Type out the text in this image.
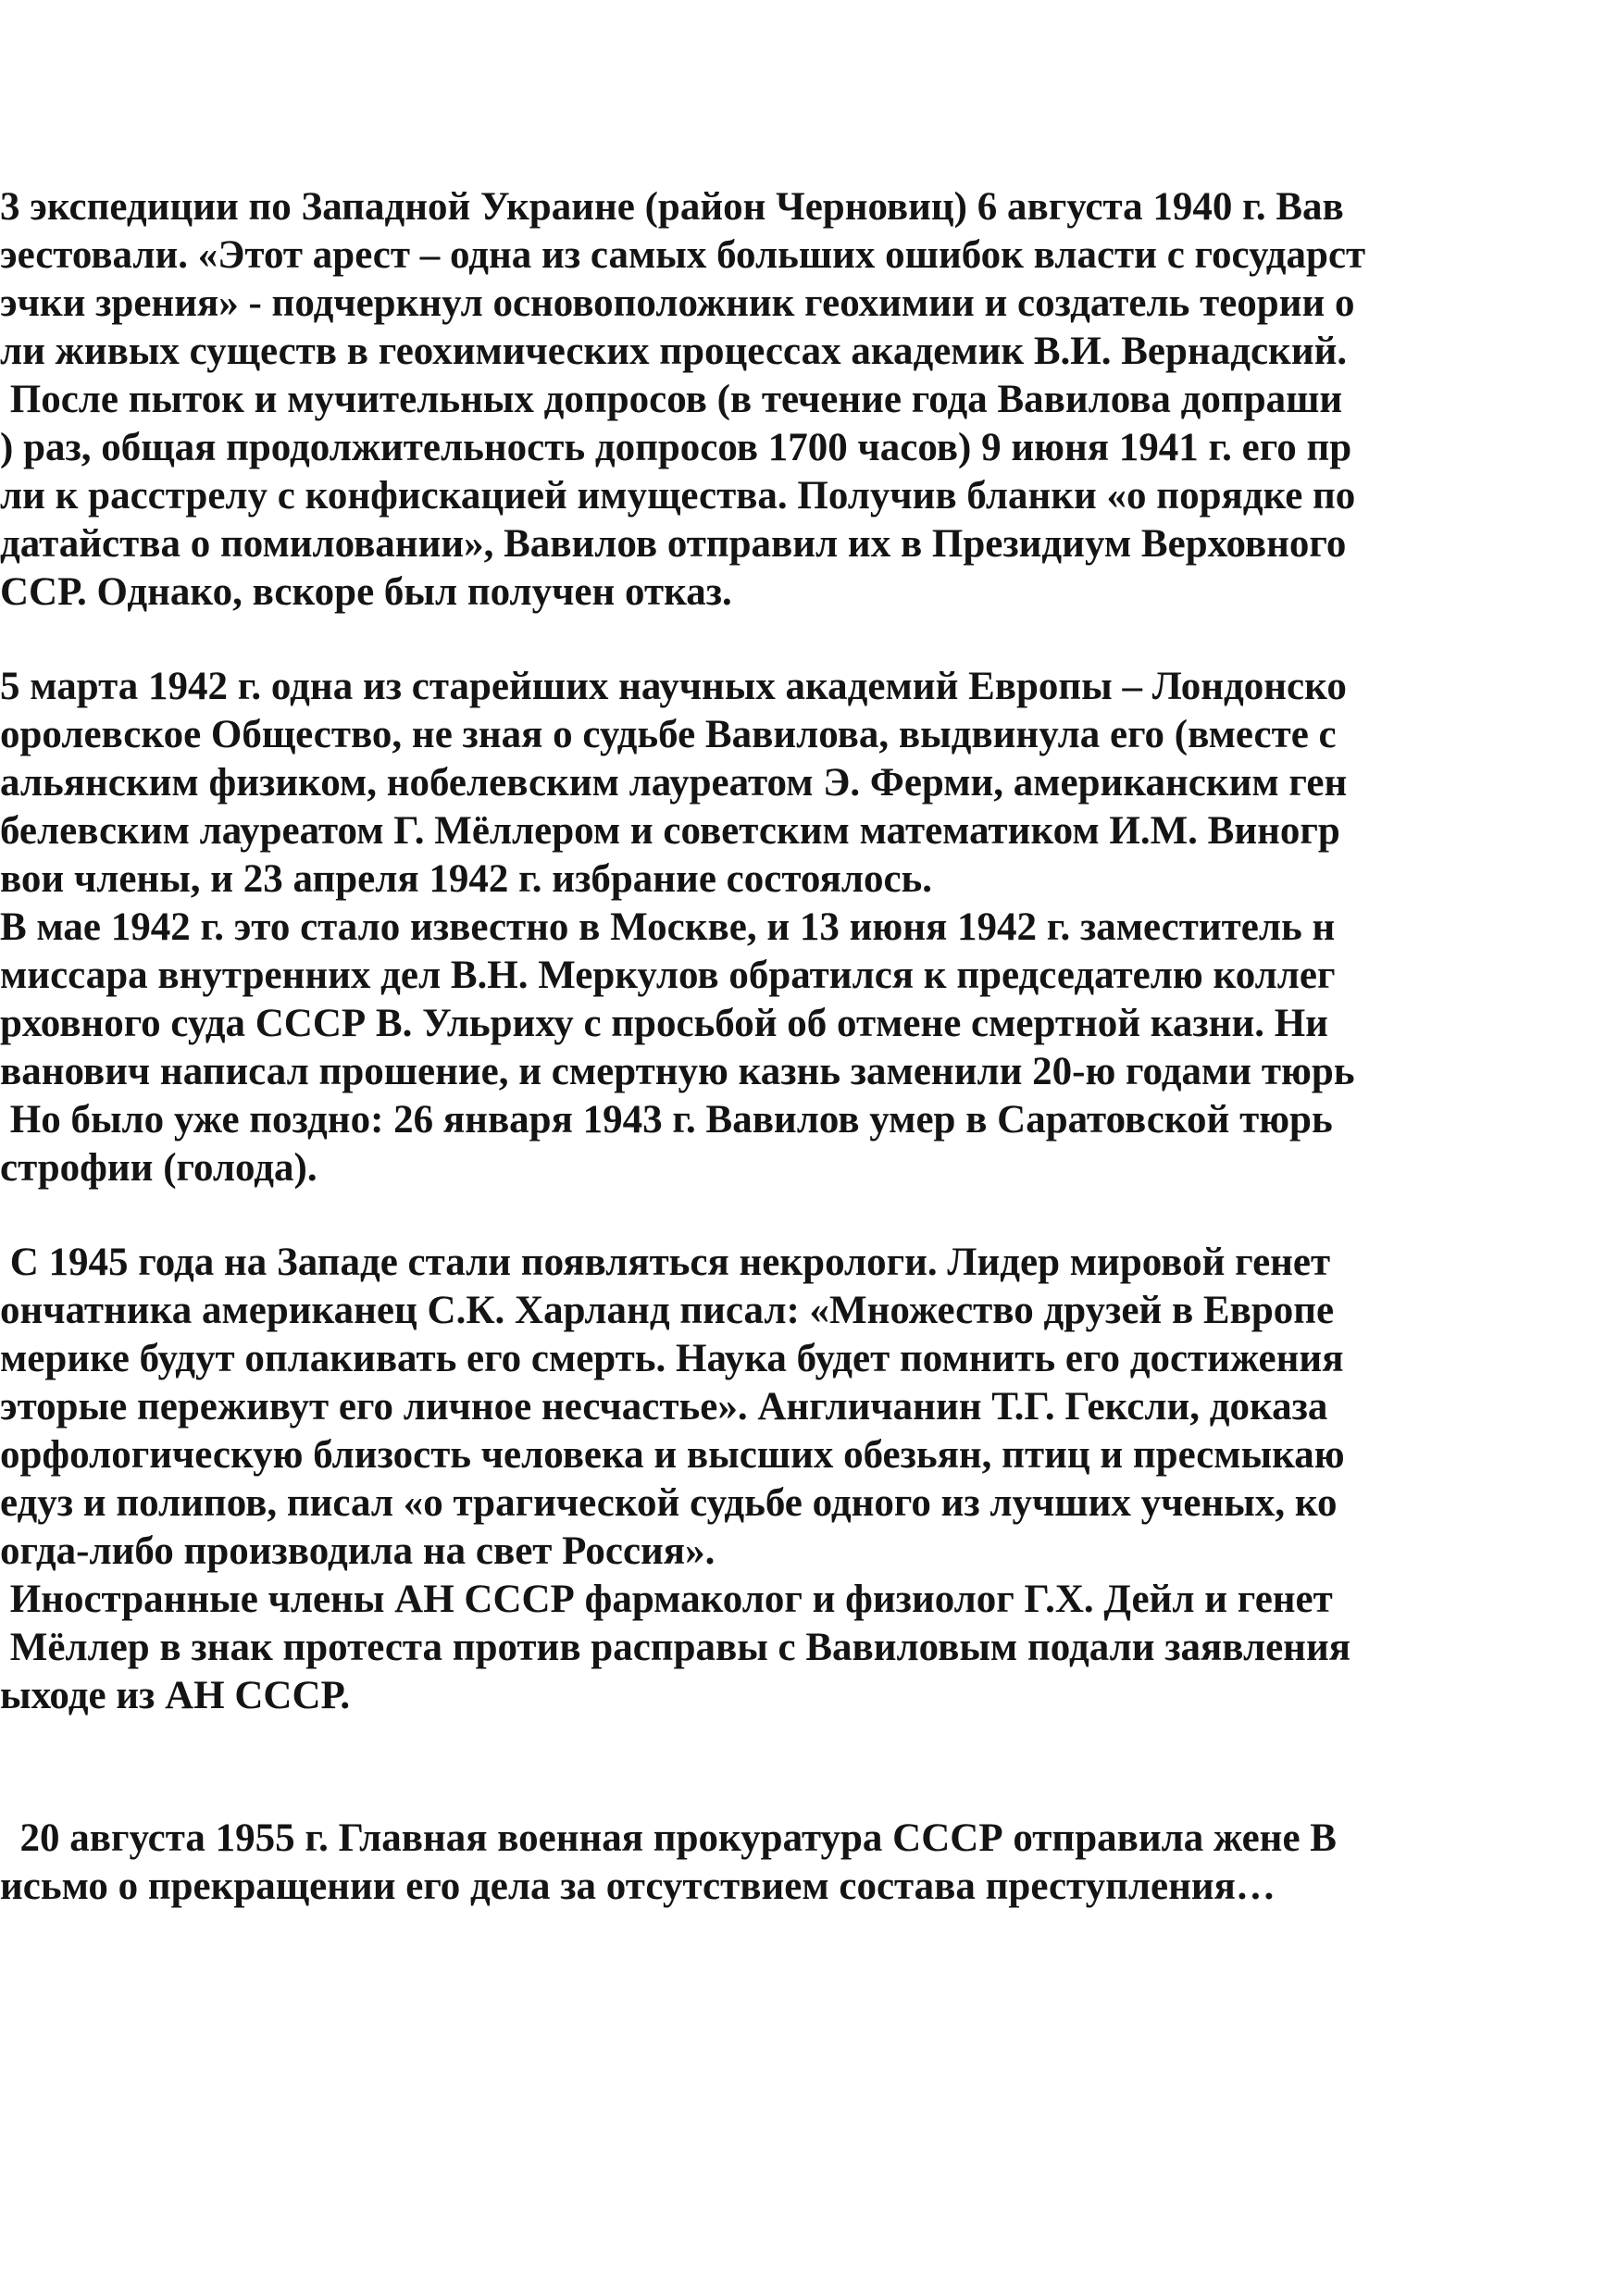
3 экспедиции по Западной Украине (район Черновиц) 6 августа 1940 г. Вав

эестовали. «Этот арест – одна из самых больших ошибок власти с государст

эчки зрения» - подчеркнул основоположник геохимии и создатель теории о

ли живых существ в геохимических процессах академик В.И. Вернадский.

После пыток и мучительных допросов (в течение года Вавилова допраши

) раз, общая продолжительность допросов 1700 часов) 9 июня 1941 г. его пр

ли к расстрелу с конфискацией имущества. Получив бланки «о порядке по

датайства о помиловании», Вавилов отправил их в Президиум Верховного

ССР. Однако, вскоре был получен отказ.

5 марта 1942 г. одна из старейших научных академий Европы – Лондонско

оролевское Общество, не зная о судьбе Вавилова, выдвинула его (вместе с

альянским физиком, нобелевским лауреатом Э. Ферми, американским ген

белевским лауреатом Г. Мёллером и советским математиком И.М. Виногр

вои члены, и 23 апреля 1942 г. избрание состоялось.

В мае 1942 г. это стало известно в Москве, и 13 июня 1942 г. заместитель н

миссара внутренних дел В.Н. Меркулов обратился к председателю коллег

рховного суда СССР В. Ульриху с просьбой об отмене смертной казни. Ни

ванович написал прошение, и смертную казнь заменили 20-ю годами тюрь

Но было уже поздно: 26 января 1943 г. Вавилов умер в Саратовской тюрь

строфии (голода).

С 1945 года на Западе стали появляться некрологи. Лидер мировой генет

ончатника американец С.К. Харланд писал: «Множество друзей в Европе

мерике будут оплакивать его смерть. Наука будет помнить его достижения

эторые переживут его личное несчастье». Англичанин Т.Г. Гексли, доказа

орфологическую близость человека и высших обезьян, птиц и пресмыкаю

едуз и полипов, писал «о трагической судьбе одного из лучших ученых, ко

огда-либо производила на свет Россия».

Иностранные члены АН СССР фармаколог и физиолог Г.Х. Дейл и генет

Мёллер в знак протеста против расправы с Вавиловым подали заявления

ыходе из АН СССР.

20 августа 1955 г. Главная военная прокуратура СССР отправила жене В

исьмо о прекращении его дела за отсутствием состава преступления…
